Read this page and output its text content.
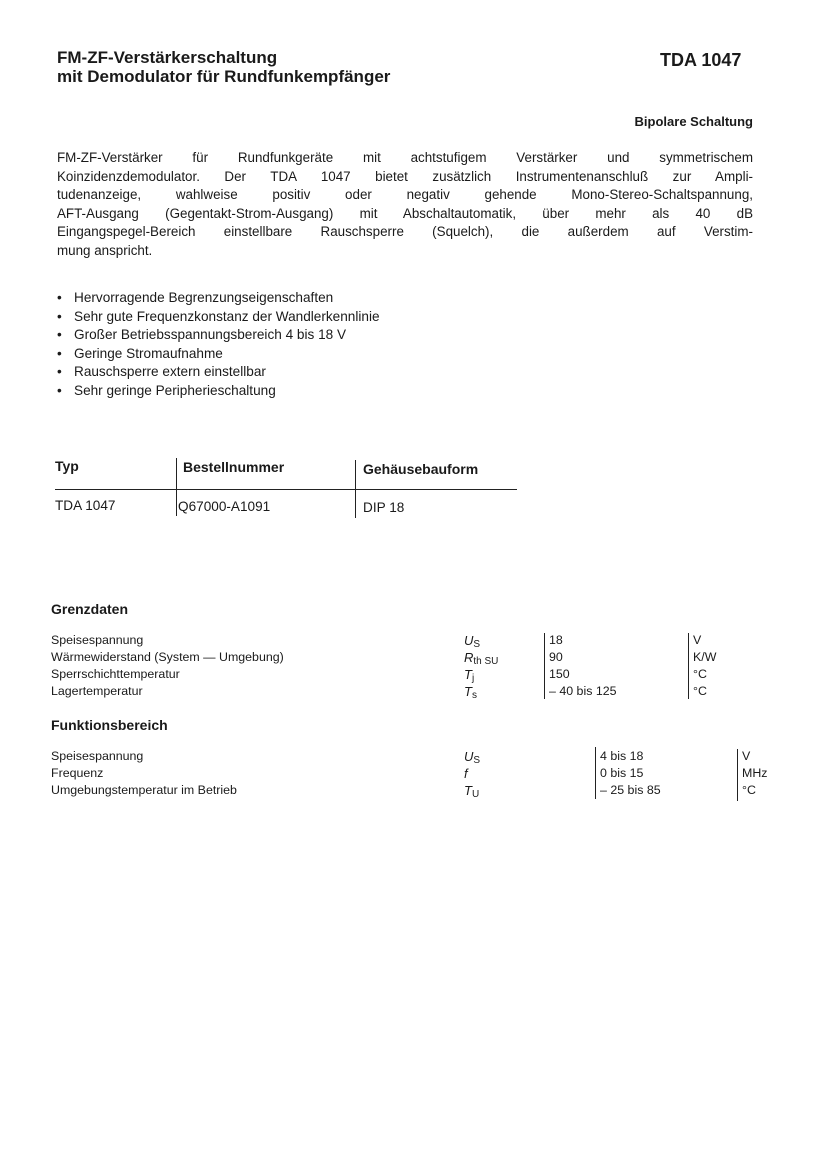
FM-ZF-Verstärkerschaltung
mit Demodulator für Rundfunkempfänger
TDA 1047
Bipolare Schaltung
FM-ZF-Verstärker für Rundfunkgeräte mit achtstufigem Verstärker und symmetrischem
Koinzidenzdemodulator. Der TDA 1047 bietet zusätzlich Instrumentenanschluß zur Ampli-
tudenanzeige, wahlweise positiv oder negativ gehende Mono-Stereo-Schaltspannung,
AFT-Ausgang (Gegentakt-Strom-Ausgang) mit Abschaltautomatik, über mehr als 40 dB
Eingangspegel-Bereich einstellbare Rauschsperre (Squelch), die außerdem auf Verstim-
mung anspricht.
• Hervorragende Begrenzungseigenschaften
• Sehr gute Frequenzkonstanz der Wandlerkennlinie
• Großer Betriebsspannungsbereich 4 bis 18 V
• Geringe Stromaufnahme
• Rauschsperre extern einstellbar
• Sehr geringe Peripherieschaltung
Typ	Bestellnummer	Gehäusebauform
TDA 1047	Q67000-A1091	DIP 18
Grenzdaten
Speisespannung	$U_S$	18	V
Wärmewiderstand (System — Umgebung)	$R_{th SU}$	90	K/W
Sperrschichttemperatur	$T_j$	150	°C
Lagertemperatur	$T_s$	– 40 bis 125	°C
Funktionsbereich
Speisespannung	$U_S$	4 bis 18	V
Frequenz	f	0 bis 15	MHz
Umgebungstemperatur im Betrieb	$T_U$	– 25 bis 85	°C
